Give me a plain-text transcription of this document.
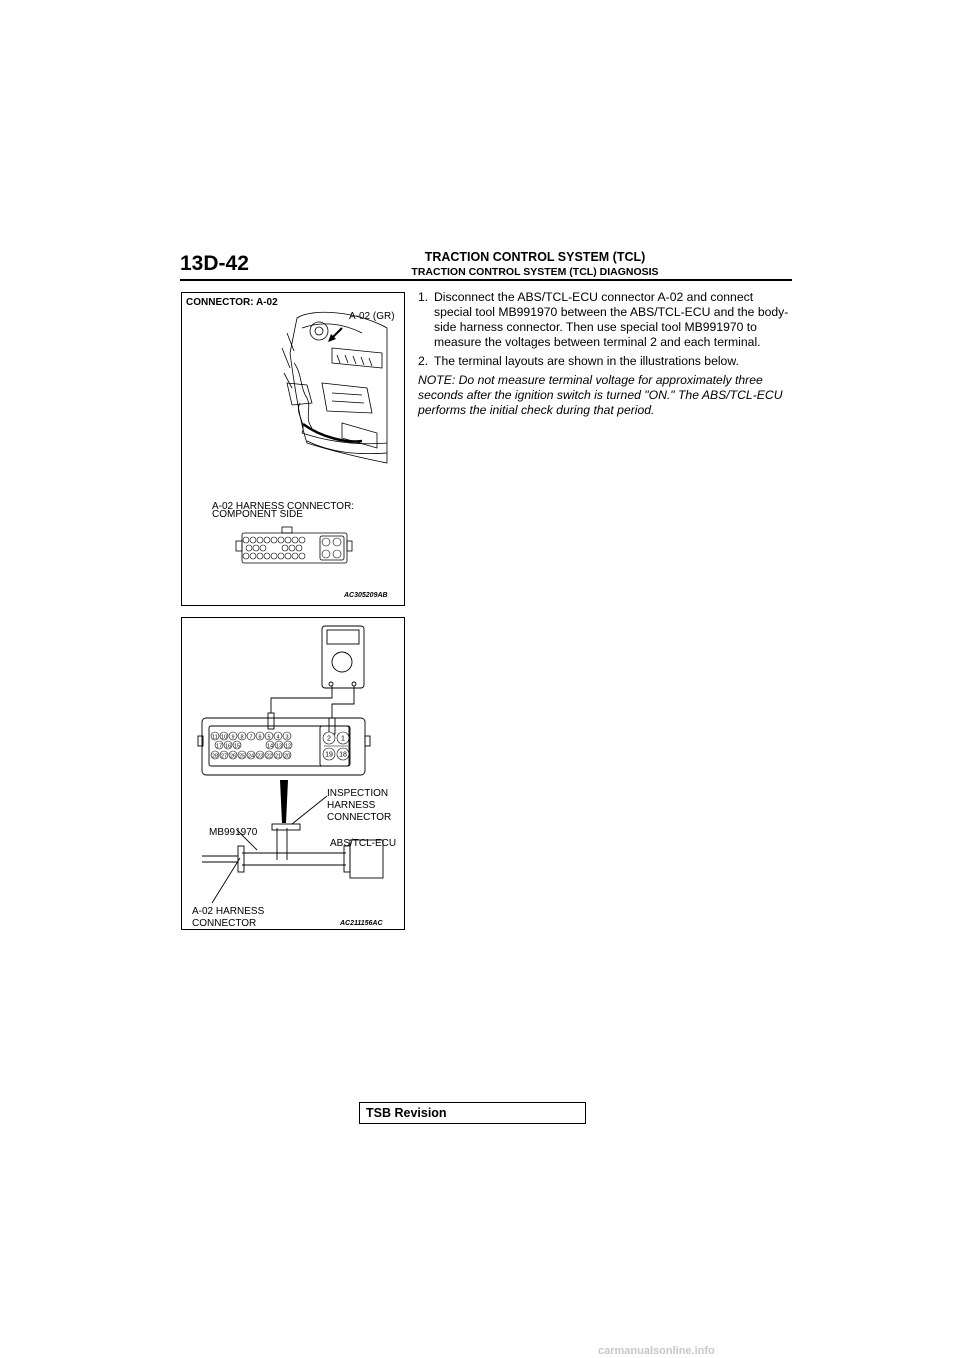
13D-42	TRACTION CONTROL SYSTEM (TCL)
TRACTION CONTROL SYSTEM (TCL) DIAGNOSIS
CONNECTOR: A-02
A-02 (GR)
A-02 HARNESS CONNECTOR:
COMPONENT SIDE
AC305209AB
11 10 9 8 7 6 5 4 3
17 16 15	14 13 12
28 27 26 25 24 23 22 21 20
2 1
19 18
INSPECTION
HARNESS
CONNECTOR
MB991970
ABS/TCL-ECU
A-02 HARNESS
CONNECTOR	AC211156AC
1. Disconnect the ABS/TCL-ECU connector A-02 and connect special tool MB991970 between the ABS/TCL-ECU and the body-side harness connector. Then use special tool MB991970 to measure the voltages between terminal 2 and each terminal.
2. The terminal layouts are shown in the illustrations below.
NOTE: Do not measure terminal voltage for approximately three seconds after the ignition switch is turned "ON." The ABS/TCL-ECU performs the initial check during that period.
TSB Revision
carmanualsonline.info
